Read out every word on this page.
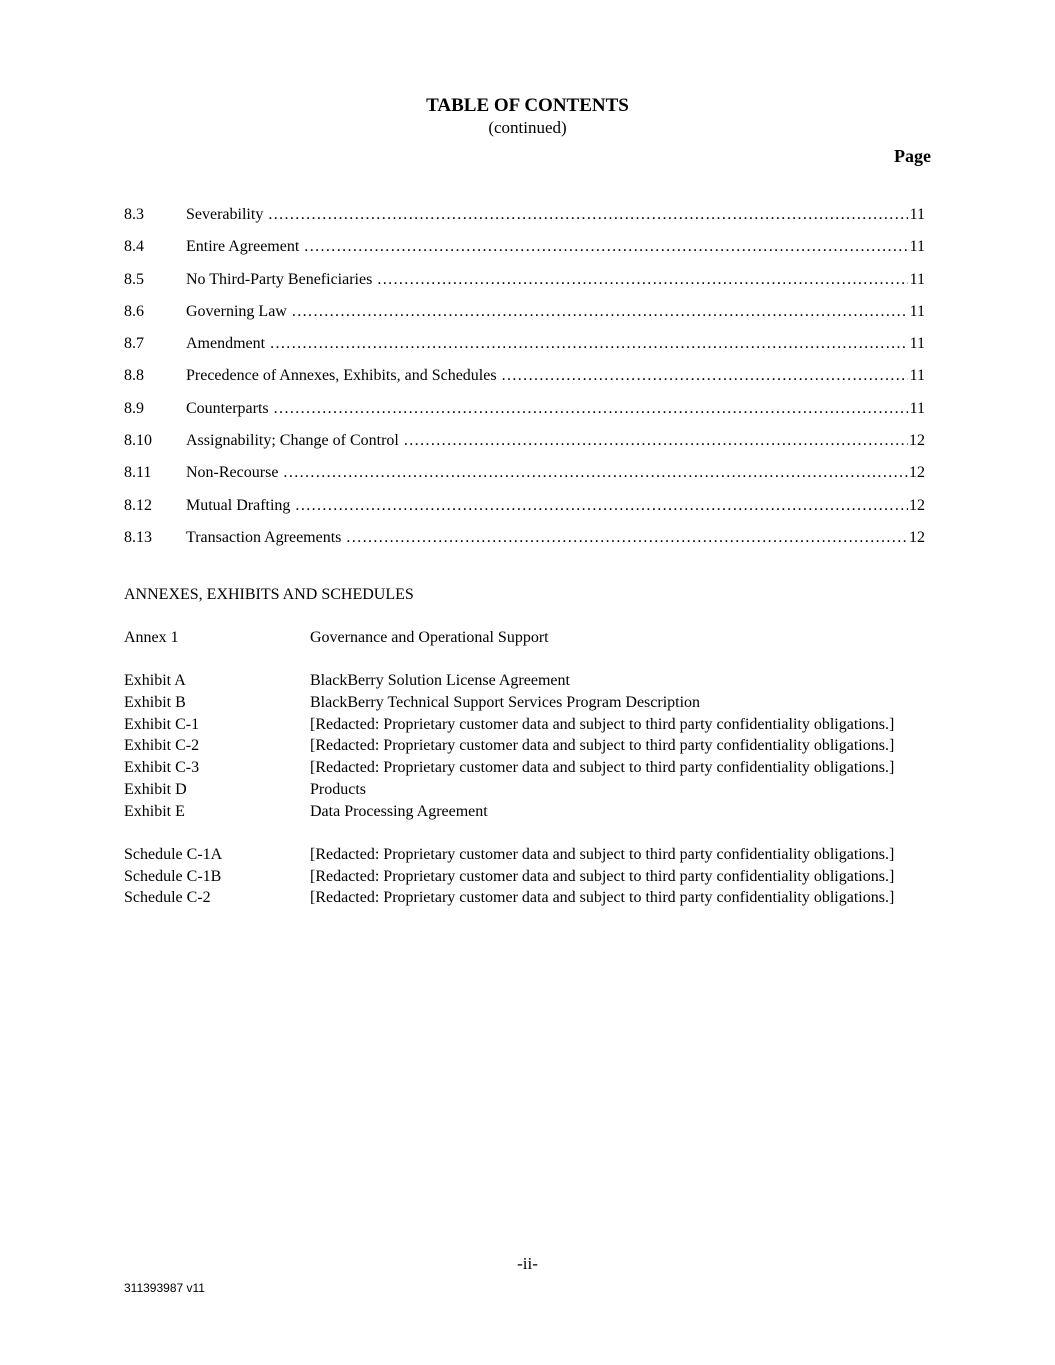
TABLE OF CONTENTS
(continued)
Page
8.3	Severability .....	11
8.4	Entire Agreement .....	11
8.5	No Third-Party Beneficiaries .....	11
8.6	Governing Law .....	11
8.7	Amendment .....	11
8.8	Precedence of Annexes, Exhibits, and Schedules .....	11
8.9	Counterparts .....	11
8.10	Assignability; Change of Control .....	12
8.11	Non-Recourse .....	12
8.12	Mutual Drafting .....	12
8.13	Transaction Agreements .....	12
ANNEXES, EXHIBITS AND SCHEDULES
Annex 1	Governance and Operational Support
Exhibit A	BlackBerry Solution License Agreement
Exhibit B	BlackBerry Technical Support Services Program Description
Exhibit C-1	[Redacted: Proprietary customer data and subject to third party confidentiality obligations.]
Exhibit C-2	[Redacted: Proprietary customer data and subject to third party confidentiality obligations.]
Exhibit C-3	[Redacted: Proprietary customer data and subject to third party confidentiality obligations.]
Exhibit D	Products
Exhibit E	Data Processing Agreement
Schedule C-1A	[Redacted: Proprietary customer data and subject to third party confidentiality obligations.]
Schedule C-1B	[Redacted: Proprietary customer data and subject to third party confidentiality obligations.]
Schedule C-2	[Redacted: Proprietary customer data and subject to third party confidentiality obligations.]
-ii-
311393987 v11
